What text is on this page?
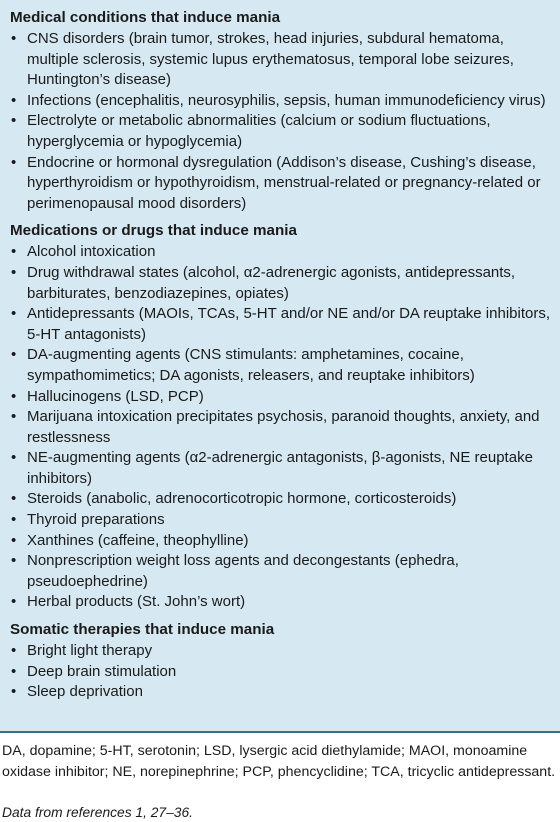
Medical conditions that induce mania
• CNS disorders (brain tumor, strokes, head injuries, subdural hematoma, multiple sclerosis, systemic lupus erythematosus, temporal lobe seizures, Huntington’s disease)
• Infections (encephalitis, neurosyphilis, sepsis, human immunodeficiency virus)
• Electrolyte or metabolic abnormalities (calcium or sodium fluctuations, hyperglycemia or hypoglycemia)
• Endocrine or hormonal dysregulation (Addison’s disease, Cushing’s disease, hyperthyroidism or hypothyroidism, menstrual-related or pregnancy-related or perimenopausal mood disorders)
Medications or drugs that induce mania
• Alcohol intoxication
• Drug withdrawal states (alcohol, α2-adrenergic agonists, antidepressants, barbiturates, benzodiazepines, opiates)
• Antidepressants (MAOIs, TCAs, 5-HT and/or NE and/or DA reuptake inhibitors, 5-HT antagonists)
• DA-augmenting agents (CNS stimulants: amphetamines, cocaine, sympathomimetics; DA agonists, releasers, and reuptake inhibitors)
• Hallucinogens (LSD, PCP)
• Marijuana intoxication precipitates psychosis, paranoid thoughts, anxiety, and restlessness
• NE-augmenting agents (α2-adrenergic antagonists, β-agonists, NE reuptake inhibitors)
• Steroids (anabolic, adrenocorticotropic hormone, corticosteroids)
• Thyroid preparations
• Xanthines (caffeine, theophylline)
• Nonprescription weight loss agents and decongestants (ephedra, pseudoephedrine)
• Herbal products (St. John’s wort)
Somatic therapies that induce mania
• Bright light therapy
• Deep brain stimulation
• Sleep deprivation
DA, dopamine; 5-HT, serotonin; LSD, lysergic acid diethylamide; MAOI, monoamine oxidase inhibitor; NE, norepinephrine; PCP, phencyclidine; TCA, tricyclic antidepressant.
Data from references 1, 27–36.
